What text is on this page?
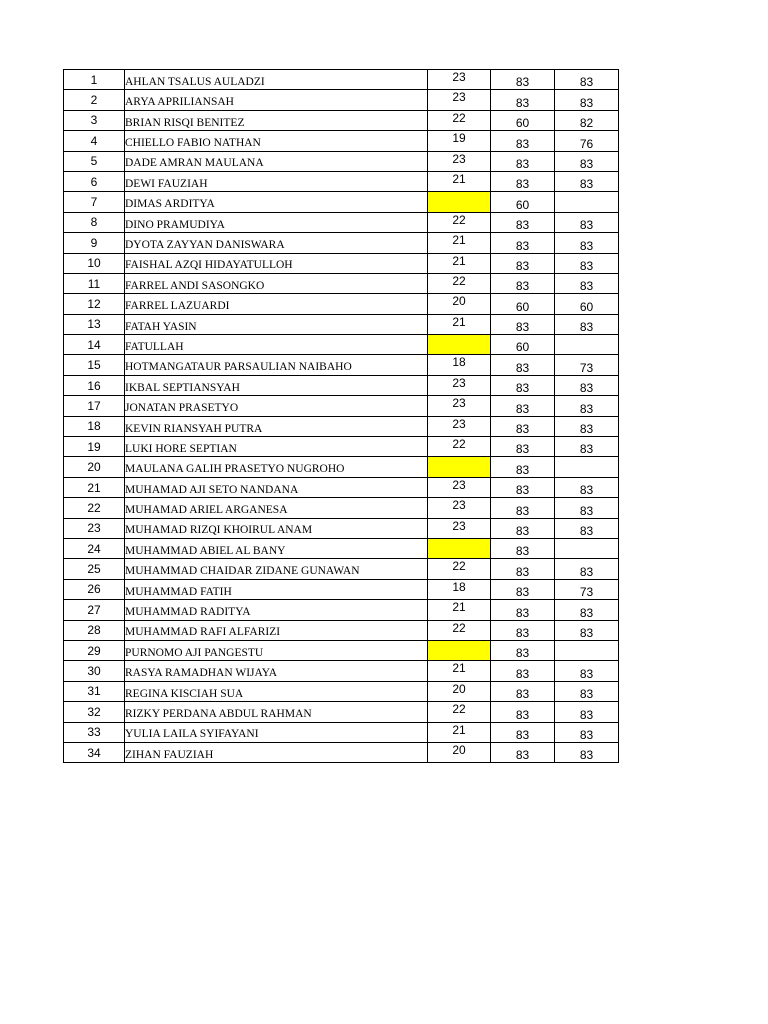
1	AHLAN TSALUS AULADZI	23	83	83
2	ARYA APRILIANSAH	23	83	83
3	BRIAN RISQI BENITEZ	22	60	82
4	CHIELLO FABIO NATHAN	19	83	76
5	DADE AMRAN MAULANA	23	83	83
6	DEWI FAUZIAH	21	83	83
7	DIMAS ARDITYA		60	
8	DINO PRAMUDIYA	22	83	83
9	DYOTA ZAYYAN DANISWARA	21	83	83
10	FAISHAL AZQI HIDAYATULLOH	21	83	83
11	FARREL ANDI SASONGKO	22	83	83
12	FARREL LAZUARDI	20	60	60
13	FATAH YASIN	21	83	83
14	FATULLAH		60	
15	HOTMANGATAUR PARSAULIAN NAIBAHO	18	83	73
16	IKBAL SEPTIANSYAH	23	83	83
17	JONATAN PRASETYO	23	83	83
18	KEVIN RIANSYAH PUTRA	23	83	83
19	LUKI HORE SEPTIAN	22	83	83
20	MAULANA GALIH PRASETYO NUGROHO		83	
21	MUHAMAD AJI SETO NANDANA	23	83	83
22	MUHAMAD ARIEL ARGANESA	23	83	83
23	MUHAMAD RIZQI KHOIRUL ANAM	23	83	83
24	MUHAMMAD ABIEL AL BANY		83	
25	MUHAMMAD CHAIDAR ZIDANE GUNAWAN	22	83	83
26	MUHAMMAD FATIH	18	83	73
27	MUHAMMAD RADITYA	21	83	83
28	MUHAMMAD RAFI ALFARIZI	22	83	83
29	PURNOMO AJI PANGESTU		83	
30	RASYA RAMADHAN WIJAYA	21	83	83
31	REGINA KISCIAH SUA	20	83	83
32	RIZKY PERDANA ABDUL RAHMAN	22	83	83
33	YULIA LAILA SYIFAYANI	21	83	83
34	ZIHAN FAUZIAH	20	83	83
